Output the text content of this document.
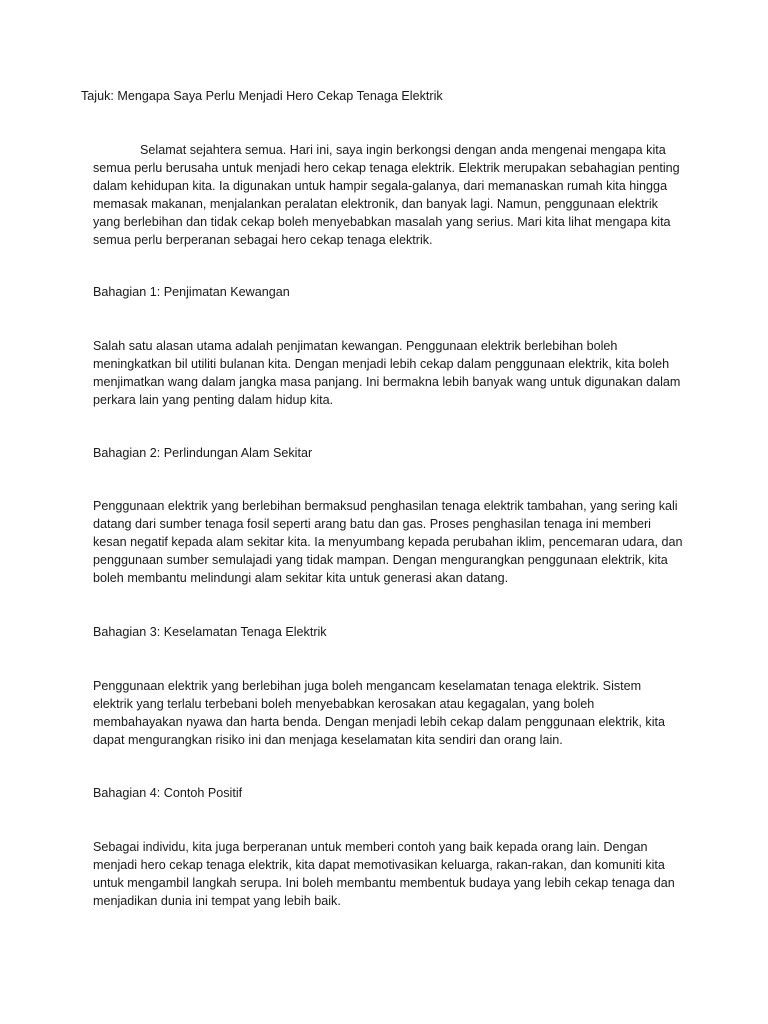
Tajuk: Mengapa Saya Perlu Menjadi Hero Cekap Tenaga Elektrik

Selamat sejahtera semua. Hari ini, saya ingin berkongsi dengan anda mengenai mengapa kita semua perlu berusaha untuk menjadi hero cekap tenaga elektrik. Elektrik merupakan sebahagian penting dalam kehidupan kita. Ia digunakan untuk hampir segala-galanya, dari memanaskan rumah kita hingga memasak makanan, menjalankan peralatan elektronik, dan banyak lagi. Namun, penggunaan elektrik yang berlebihan dan tidak cekap boleh menyebabkan masalah yang serius. Mari kita lihat mengapa kita semua perlu berperanan sebagai hero cekap tenaga elektrik.

Bahagian 1: Penjimatan Kewangan

Salah satu alasan utama adalah penjimatan kewangan. Penggunaan elektrik berlebihan boleh meningkatkan bil utiliti bulanan kita. Dengan menjadi lebih cekap dalam penggunaan elektrik, kita boleh menjimatkan wang dalam jangka masa panjang. Ini bermakna lebih banyak wang untuk digunakan dalam perkara lain yang penting dalam hidup kita.

Bahagian 2: Perlindungan Alam Sekitar

Penggunaan elektrik yang berlebihan bermaksud penghasilan tenaga elektrik tambahan, yang sering kali datang dari sumber tenaga fosil seperti arang batu dan gas. Proses penghasilan tenaga ini memberi kesan negatif kepada alam sekitar kita. Ia menyumbang kepada perubahan iklim, pencemaran udara, dan penggunaan sumber semulajadi yang tidak mampan. Dengan mengurangkan penggunaan elektrik, kita boleh membantu melindungi alam sekitar kita untuk generasi akan datang.

Bahagian 3: Keselamatan Tenaga Elektrik

Penggunaan elektrik yang berlebihan juga boleh mengancam keselamatan tenaga elektrik. Sistem elektrik yang terlalu terbebani boleh menyebabkan kerosakan atau kegagalan, yang boleh membahayakan nyawa dan harta benda. Dengan menjadi lebih cekap dalam penggunaan elektrik, kita dapat mengurangkan risiko ini dan menjaga keselamatan kita sendiri dan orang lain.

Bahagian 4: Contoh Positif

Sebagai individu, kita juga berperanan untuk memberi contoh yang baik kepada orang lain. Dengan menjadi hero cekap tenaga elektrik, kita dapat memotivasikan keluarga, rakan-rakan, dan komuniti kita untuk mengambil langkah serupa. Ini boleh membantu membentuk budaya yang lebih cekap tenaga dan menjadikan dunia ini tempat yang lebih baik.
